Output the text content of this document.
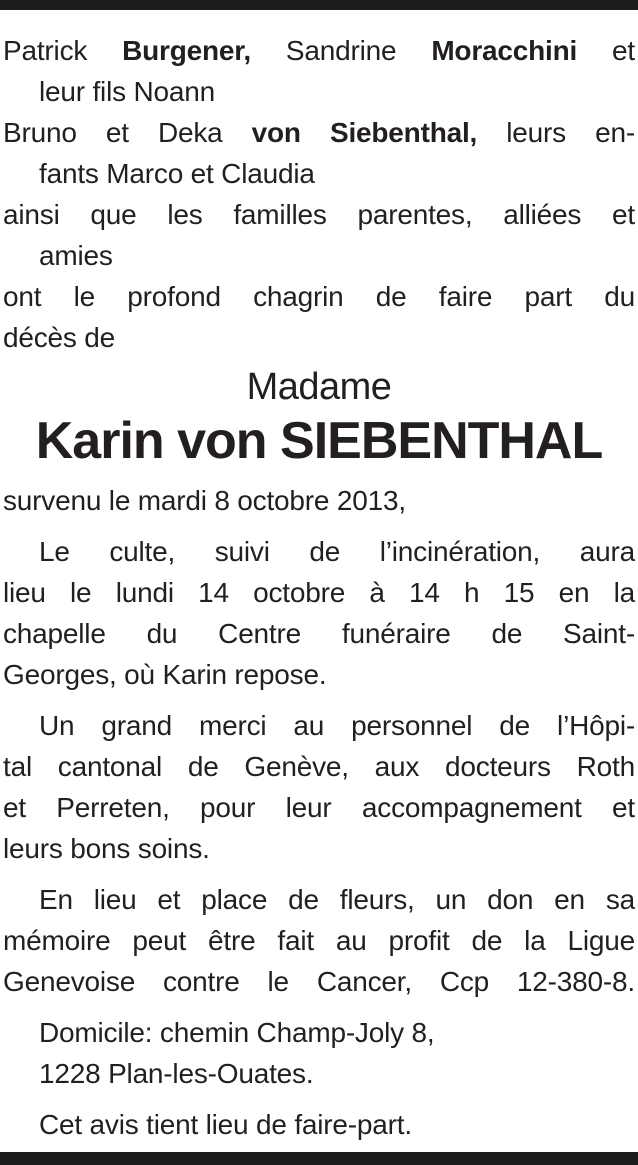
Patrick Burgener, Sandrine Moracchini et
leur fils Noann
Bruno et Deka von Siebenthal, leurs en-
fants Marco et Claudia
ainsi que les familles parentes, alliées et
amies
ont le profond chagrin de faire part du
décès de
Madame
Karin von SIEBENTHAL
survenu le mardi 8 octobre 2013,
Le culte, suivi de l’incinération, aura
lieu le lundi 14 octobre à 14 h 15 en la
chapelle du Centre funéraire de Saint-
Georges, où Karin repose.
Un grand merci au personnel de l’Hôpi-
tal cantonal de Genève, aux docteurs Roth
et Perreten, pour leur accompagnement et
leurs bons soins.
En lieu et place de fleurs, un don en sa
mémoire peut être fait au profit de la Ligue
Genevoise contre le Cancer, Ccp 12-380-8.
Domicile: chemin Champ-Joly 8,
1228 Plan-les-Ouates.
Cet avis tient lieu de faire-part.
